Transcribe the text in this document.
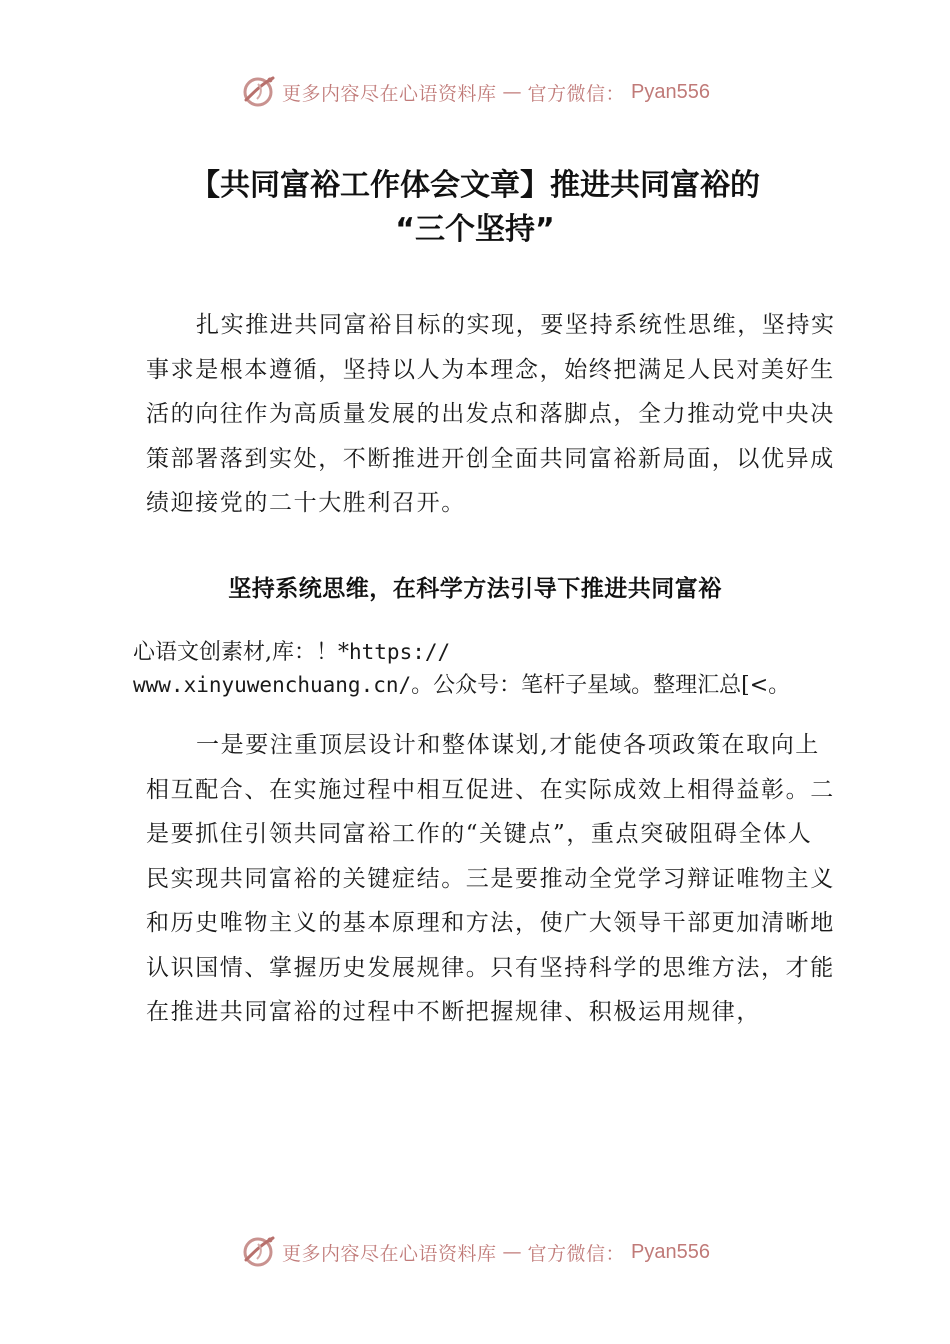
更多内容尽在心语资料库 — 官方微信： Pyan556
【共同富裕工作体会文章】推进共同富裕的
“三个坚持”
扎实推进共同富裕目标的实现，要坚持系统性思维，坚持实事求是根本遵循，坚持以人为本理念，始终把满足人民对美好生活的向往作为高质量发展的出发点和落脚点，全力推动党中央决策部署落到实处，不断推进开创全面共同富裕新局面，以优异成绩迎接党的二十大胜利召开。
坚持系统思维，在科学方法引导下推进共同富裕
心语文创素材,库：！*https://
www.xinyuwenchuang.cn/。公众号：笔杆子星域。整理汇总[<。
一是要注重顶层设计和整体谋划,才能使各项政策在取向上相互配合、在实施过程中相互促进、在实际成效上相得益彰。二是要抓住引领共同富裕工作的“关键点”，重点突破阻碍全体人民实现共同富裕的关键症结。三是要推动全党学习辩证唯物主义和历史唯物主义的基本原理和方法，使广大领导干部更加清晰地认识国情、掌握历史发展规律。只有坚持科学的思维方法，才能在推进共同富裕的过程中不断把握规律、积极运用规律，
更多内容尽在心语资料库 — 官方微信： Pyan556
